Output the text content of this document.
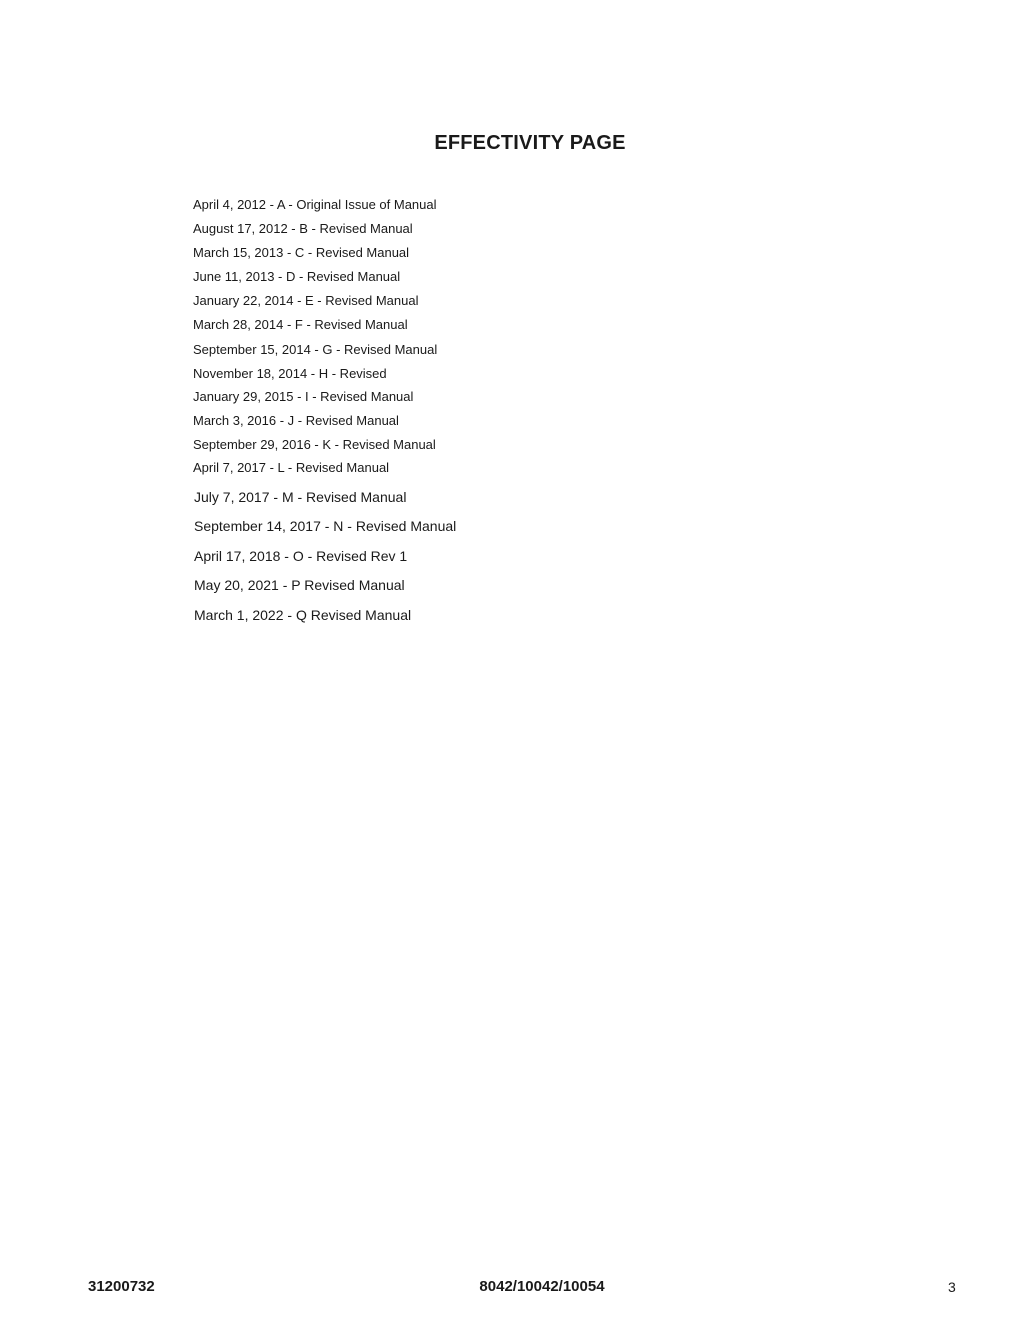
EFFECTIVITY PAGE
April 4, 2012 - A - Original Issue of Manual
August 17, 2012 - B - Revised Manual
March 15, 2013 - C - Revised Manual
June 11, 2013 - D - Revised Manual
January 22, 2014 - E - Revised Manual
March 28, 2014 - F - Revised Manual
September 15, 2014 - G - Revised Manual
November 18, 2014 - H - Revised
January 29, 2015 - I - Revised Manual
March 3, 2016 - J - Revised Manual
September 29, 2016 - K - Revised Manual
April 7, 2017 - L - Revised Manual
July 7, 2017 - M - Revised Manual
September 14, 2017 - N - Revised Manual
April 17, 2018 - O - Revised Rev 1
May 20, 2021 - P Revised Manual
March 1, 2022 - Q Revised Manual
31200732	8042/10042/10054	3
